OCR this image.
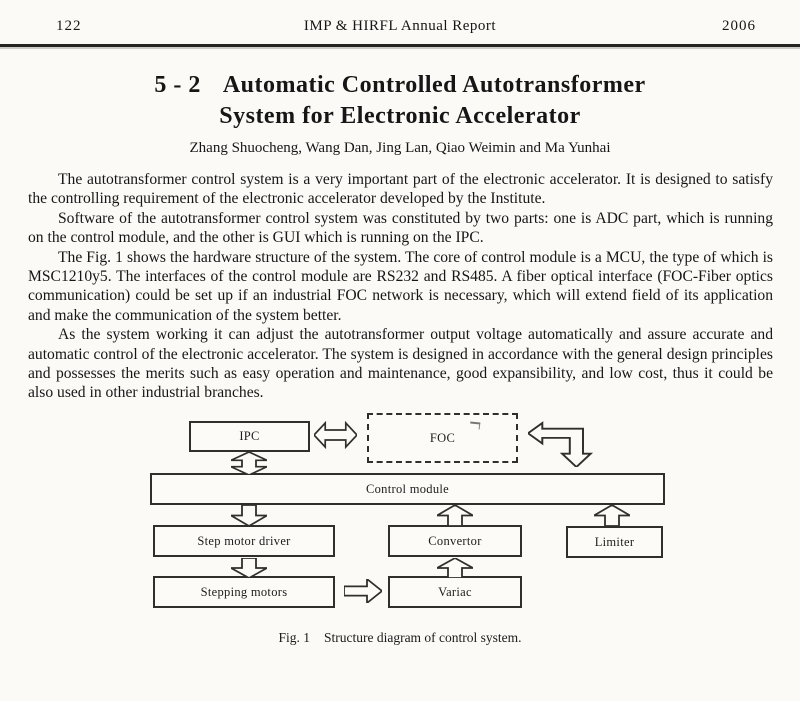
122	IMP & HIRFL Annual Report	2006
5 - 2 Automatic Controlled Autotransformer
System for Electronic Accelerator
Zhang Shuocheng, Wang Dan, Jing Lan, Qiao Weimin and Ma Yunhai

The autotransformer control system is a very important part of the electronic accelerator. It is designed to satisfy the controlling requirement of the electronic accelerator developed by the Institute.

Software of the autotransformer control system was constituted by two parts: one is ADC part, which is running on the control module, and the other is GUI which is running on the IPC.

The Fig. 1 shows the hardware structure of the system. The core of control module is a MCU, the type of which is MSC1210y5. The interfaces of the control module are RS232 and RS485. A fiber optical interface (FOC-Fiber optics communication) could be set up if an industrial FOC network is necessary, which will extend field of its application and make the communication of the system better.

As the system working it can adjust the autotransformer output voltage automatically and assure accurate and automatic control of the electronic accelerator. The system is designed in accordance with the general design principles and possesses the merits such as easy operation and maintenance, good expansibility, and low cost, thus it could be also used in other industrial branches.

IPC	FOC
Control module
Step motor driver	Convertor	Limiter
Stepping motors	Variac
Fig. 1 Structure diagram of control system.
